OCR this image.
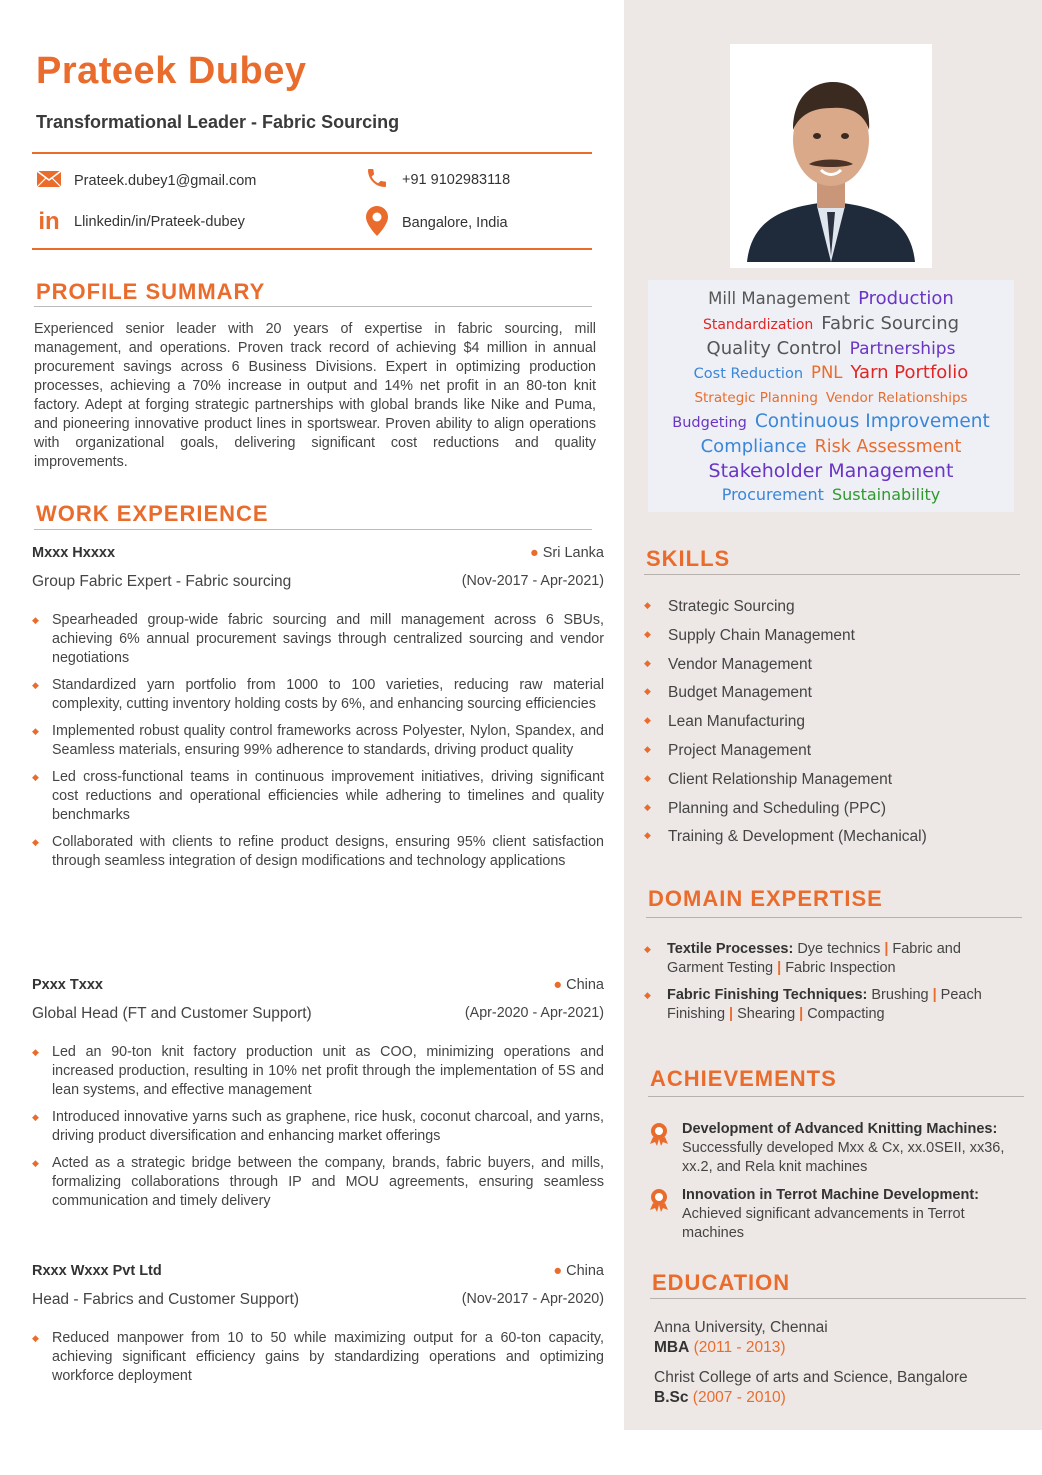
Prateek Dubey
Transformational Leader - Fabric Sourcing
Prateek.dubey1@gmail.com	+91 9102983118
in Llinkedin/in/Prateek-dubey	Bangalore, India
PROFILE SUMMARY
Experienced senior leader with 20 years of expertise in fabric sourcing, mill management, and operations. Proven track record of achieving $4 million in annual procurement savings across 6 Business Divisions. Expert in optimizing production processes, achieving a 70% increase in output and 14% net profit in an 80-ton knit factory. Adept at forging strategic partnerships with global brands like Nike and Puma, and pioneering innovative product lines in sportswear. Proven ability to align operations with organizational goals, delivering significant cost reductions and quality improvements.
WORK EXPERIENCE
Mxxx Hxxxx	● Sri Lanka
Group Fabric Expert - Fabric sourcing	(Nov-2017 - Apr-2021)
◆ Spearheaded group-wide fabric sourcing and mill management across 6 SBUs, achieving 6% annual procurement savings through centralized sourcing and vendor negotiations
◆ Standardized yarn portfolio from 1000 to 100 varieties, reducing raw material complexity, cutting inventory holding costs by 6%, and enhancing sourcing efficiencies
◆ Implemented robust quality control frameworks across Polyester, Nylon, Spandex, and Seamless materials, ensuring 99% adherence to standards, driving product quality
◆ Led cross-functional teams in continuous improvement initiatives, driving significant cost reductions and operational efficiencies while adhering to timelines and quality benchmarks
◆ Collaborated with clients to refine product designs, ensuring 95% client satisfaction through seamless integration of design modifications and technology applications
Pxxx Txxx	● China
Global Head (FT and Customer Support)	(Apr-2020 - Apr-2021)
◆ Led an 90-ton knit factory production unit as COO, minimizing operations and increased production, resulting in 10% net profit through the implementation of 5S and lean systems, and effective management
◆ Introduced innovative yarns such as graphene, rice husk, coconut charcoal, and yarns, driving product diversification and enhancing market offerings
◆ Acted as a strategic bridge between the company, brands, fabric buyers, and mills, formalizing collaborations through IP and MOU agreements, ensuring seamless communication and timely delivery
Rxxx Wxxx Pvt Ltd	● China
Head - Fabrics and Customer Support)	(Nov-2017 - Apr-2020)
◆ Reduced manpower from 10 to 50 while maximizing output for a 60-ton capacity, achieving significant efficiency gains by standardizing operations and optimizing workforce deployment
Mill Management Production
Standardization Fabric Sourcing
Quality Control Partnerships
Cost Reduction PNL Yarn Portfolio
Strategic Planning Vendor Relationships
Budgeting Continuous Improvement
Compliance Risk Assessment
Stakeholder Management
Procurement Sustainability
SKILLS
◆ Strategic Sourcing
◆ Supply Chain Management
◆ Vendor Management
◆ Budget Management
◆ Lean Manufacturing
◆ Project Management
◆ Client Relationship Management
◆ Planning and Scheduling (PPC)
◆ Training & Development (Mechanical)
DOMAIN EXPERTISE
◆ Textile Processes: Dye technics | Fabric and Garment Testing | Fabric Inspection
◆ Fabric Finishing Techniques: Brushing | Peach Finishing | Shearing | Compacting
ACHIEVEMENTS
Development of Advanced Knitting Machines: Successfully developed Mxx & Cx, xx.0SEII, xx36, xx.2, and Rela knit machines
Innovation in Terrot Machine Development: Achieved significant advancements in Terrot machines
EDUCATION
Anna University, Chennai
MBA (2011 - 2013)
Christ College of arts and Science, Bangalore
B.Sc (2007 - 2010)
